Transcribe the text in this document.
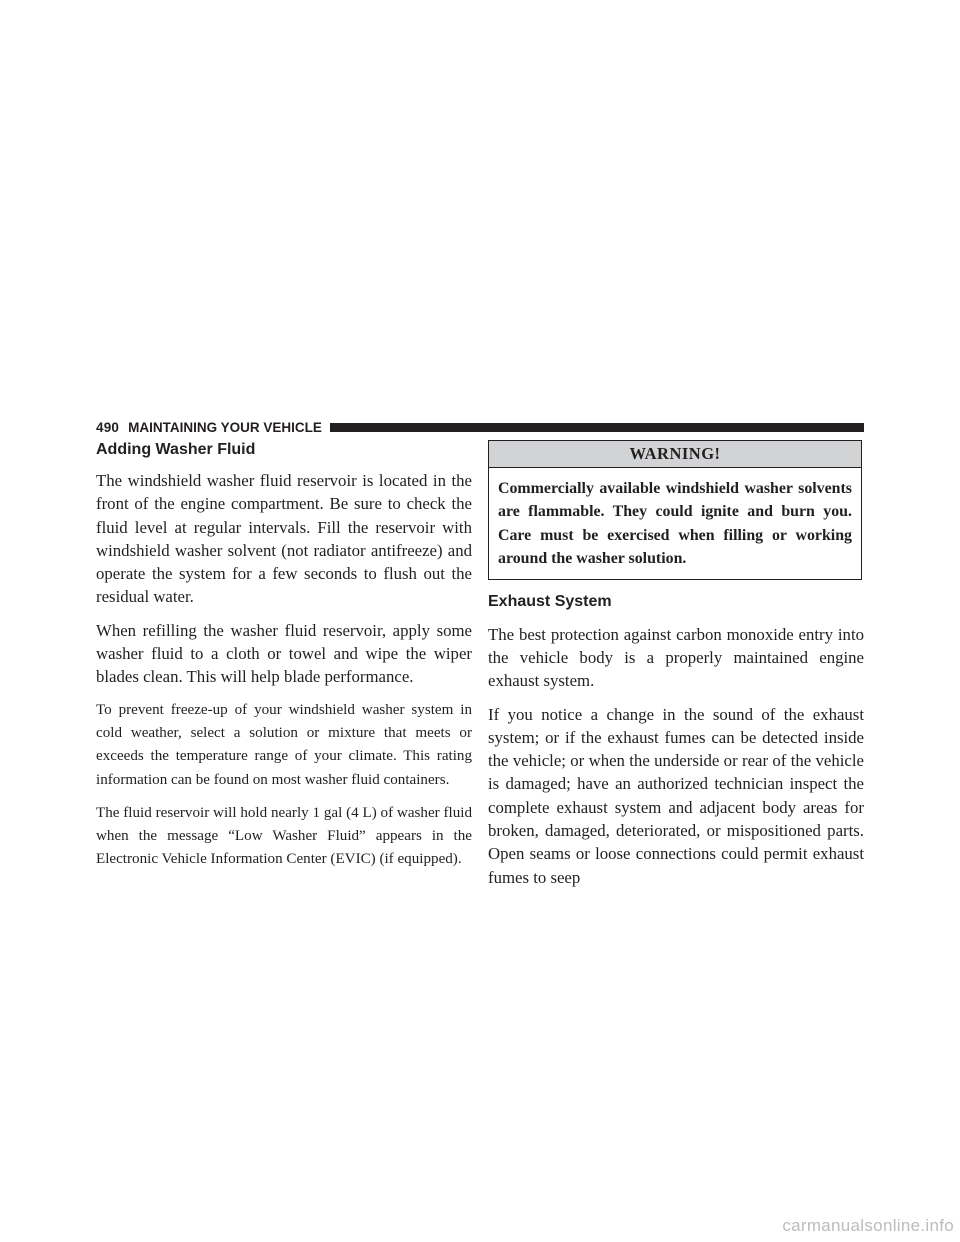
490 MAINTAINING YOUR VEHICLE
Adding Washer Fluid

The windshield washer fluid reservoir is located in the front of the engine compartment. Be sure to check the fluid level at regular intervals. Fill the reservoir with windshield washer solvent (not radiator antifreeze) and operate the system for a few seconds to flush out the residual water.

When refilling the washer fluid reservoir, apply some washer fluid to a cloth or towel and wipe the wiper blades clean. This will help blade performance.

To prevent freeze-up of your windshield washer system in cold weather, select a solution or mixture that meets or exceeds the temperature range of your climate. This rating information can be found on most washer fluid containers.

The fluid reservoir will hold nearly 1 gal (4 L) of washer fluid when the message “Low Washer Fluid” appears in the Electronic Vehicle Information Center (EVIC) (if equipped).

WARNING!
Commercially available windshield washer solvents are flammable. They could ignite and burn you. Care must be exercised when filling or working around the washer solution.
Exhaust System

The best protection against carbon monoxide entry into the vehicle body is a properly maintained engine exhaust system.

If you notice a change in the sound of the exhaust system; or if the exhaust fumes can be detected inside the vehicle; or when the underside or rear of the vehicle is damaged; have an authorized technician inspect the complete exhaust system and adjacent body areas for broken, damaged, deteriorated, or mispositioned parts. Open seams or loose connections could permit exhaust fumes to seep

carmanualsonline.info
